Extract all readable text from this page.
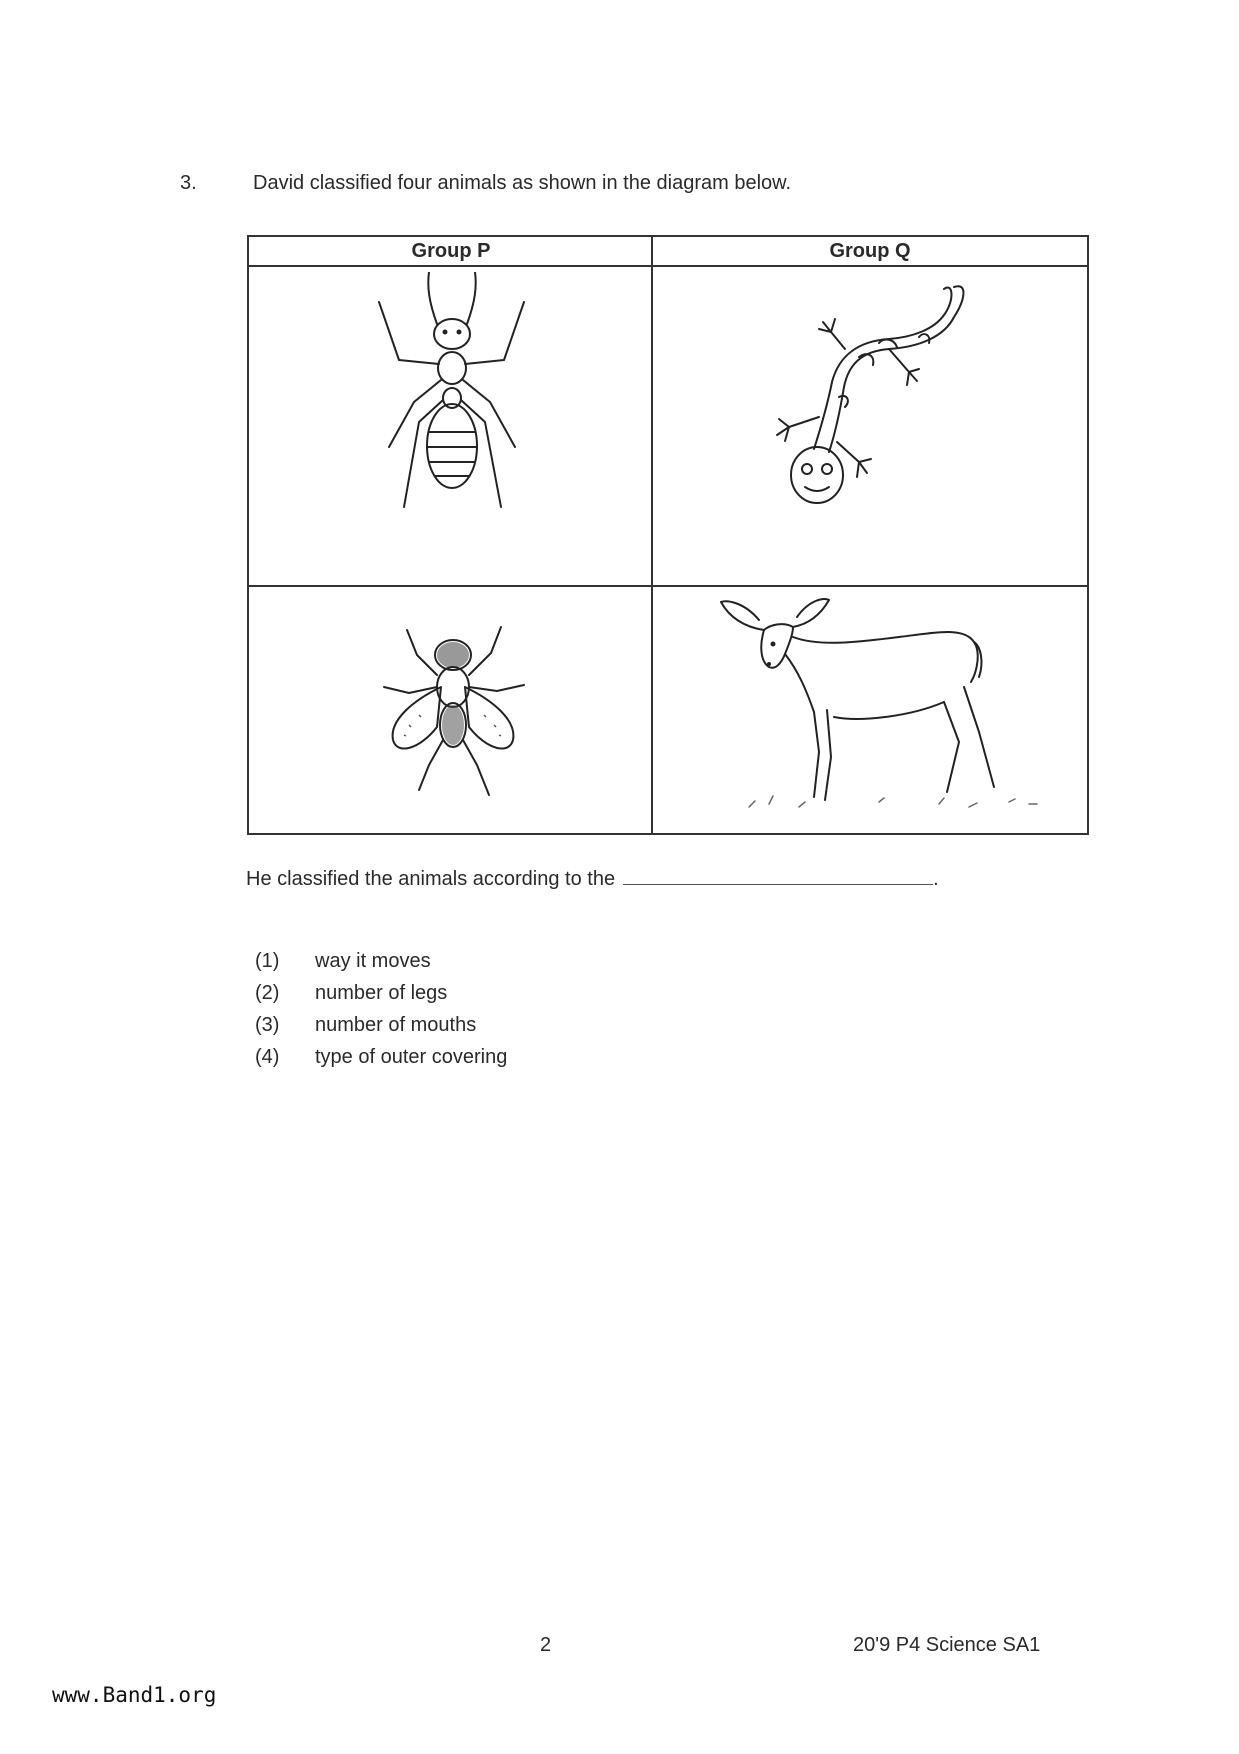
3.	David classified four animals as shown in the diagram below.
Group P	Group Q
He classified the animals according to the	.
(1)	way it moves
(2)	number of legs
(3)	number of mouths
(4)	type of outer covering
2	20'9 P4 Science SA1
www.Band1.org
